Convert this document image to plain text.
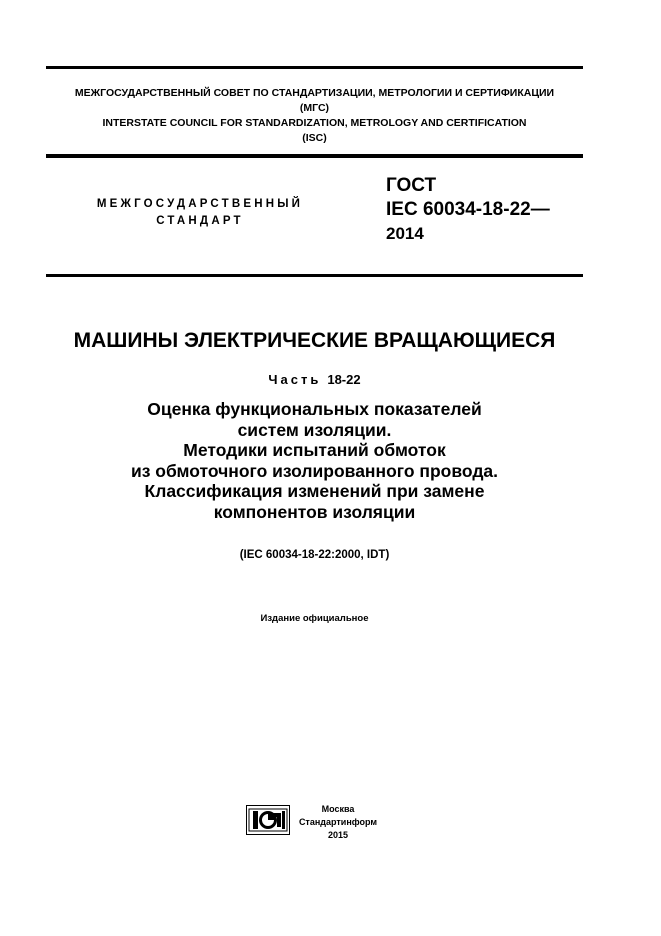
МЕЖГОСУДАРСТВЕННЫЙ СОВЕТ ПО СТАНДАРТИЗАЦИИ, МЕТРОЛОГИИ И СЕРТИФИКАЦИИ
(МГС)
INTERSTATE COUNCIL FOR STANDARDIZATION, METROLOGY AND CERTIFICATION
(ISC)
МЕЖГОСУДАРСТВЕННЫЙ
СТАНДАРТ
ГОСТ
IEC 60034-18-22—
2014
МАШИНЫ ЭЛЕКТРИЧЕСКИЕ ВРАЩАЮЩИЕСЯ
Часть 18-22
Оценка функциональных показателей
систем изоляции.
Методики испытаний обмоток
из обмоточного изолированного провода.
Классификация изменений при замене
компонентов изоляции
(IEC 60034-18-22:2000, IDT)
Издание официальное
Москва
Стандартинформ
2015
